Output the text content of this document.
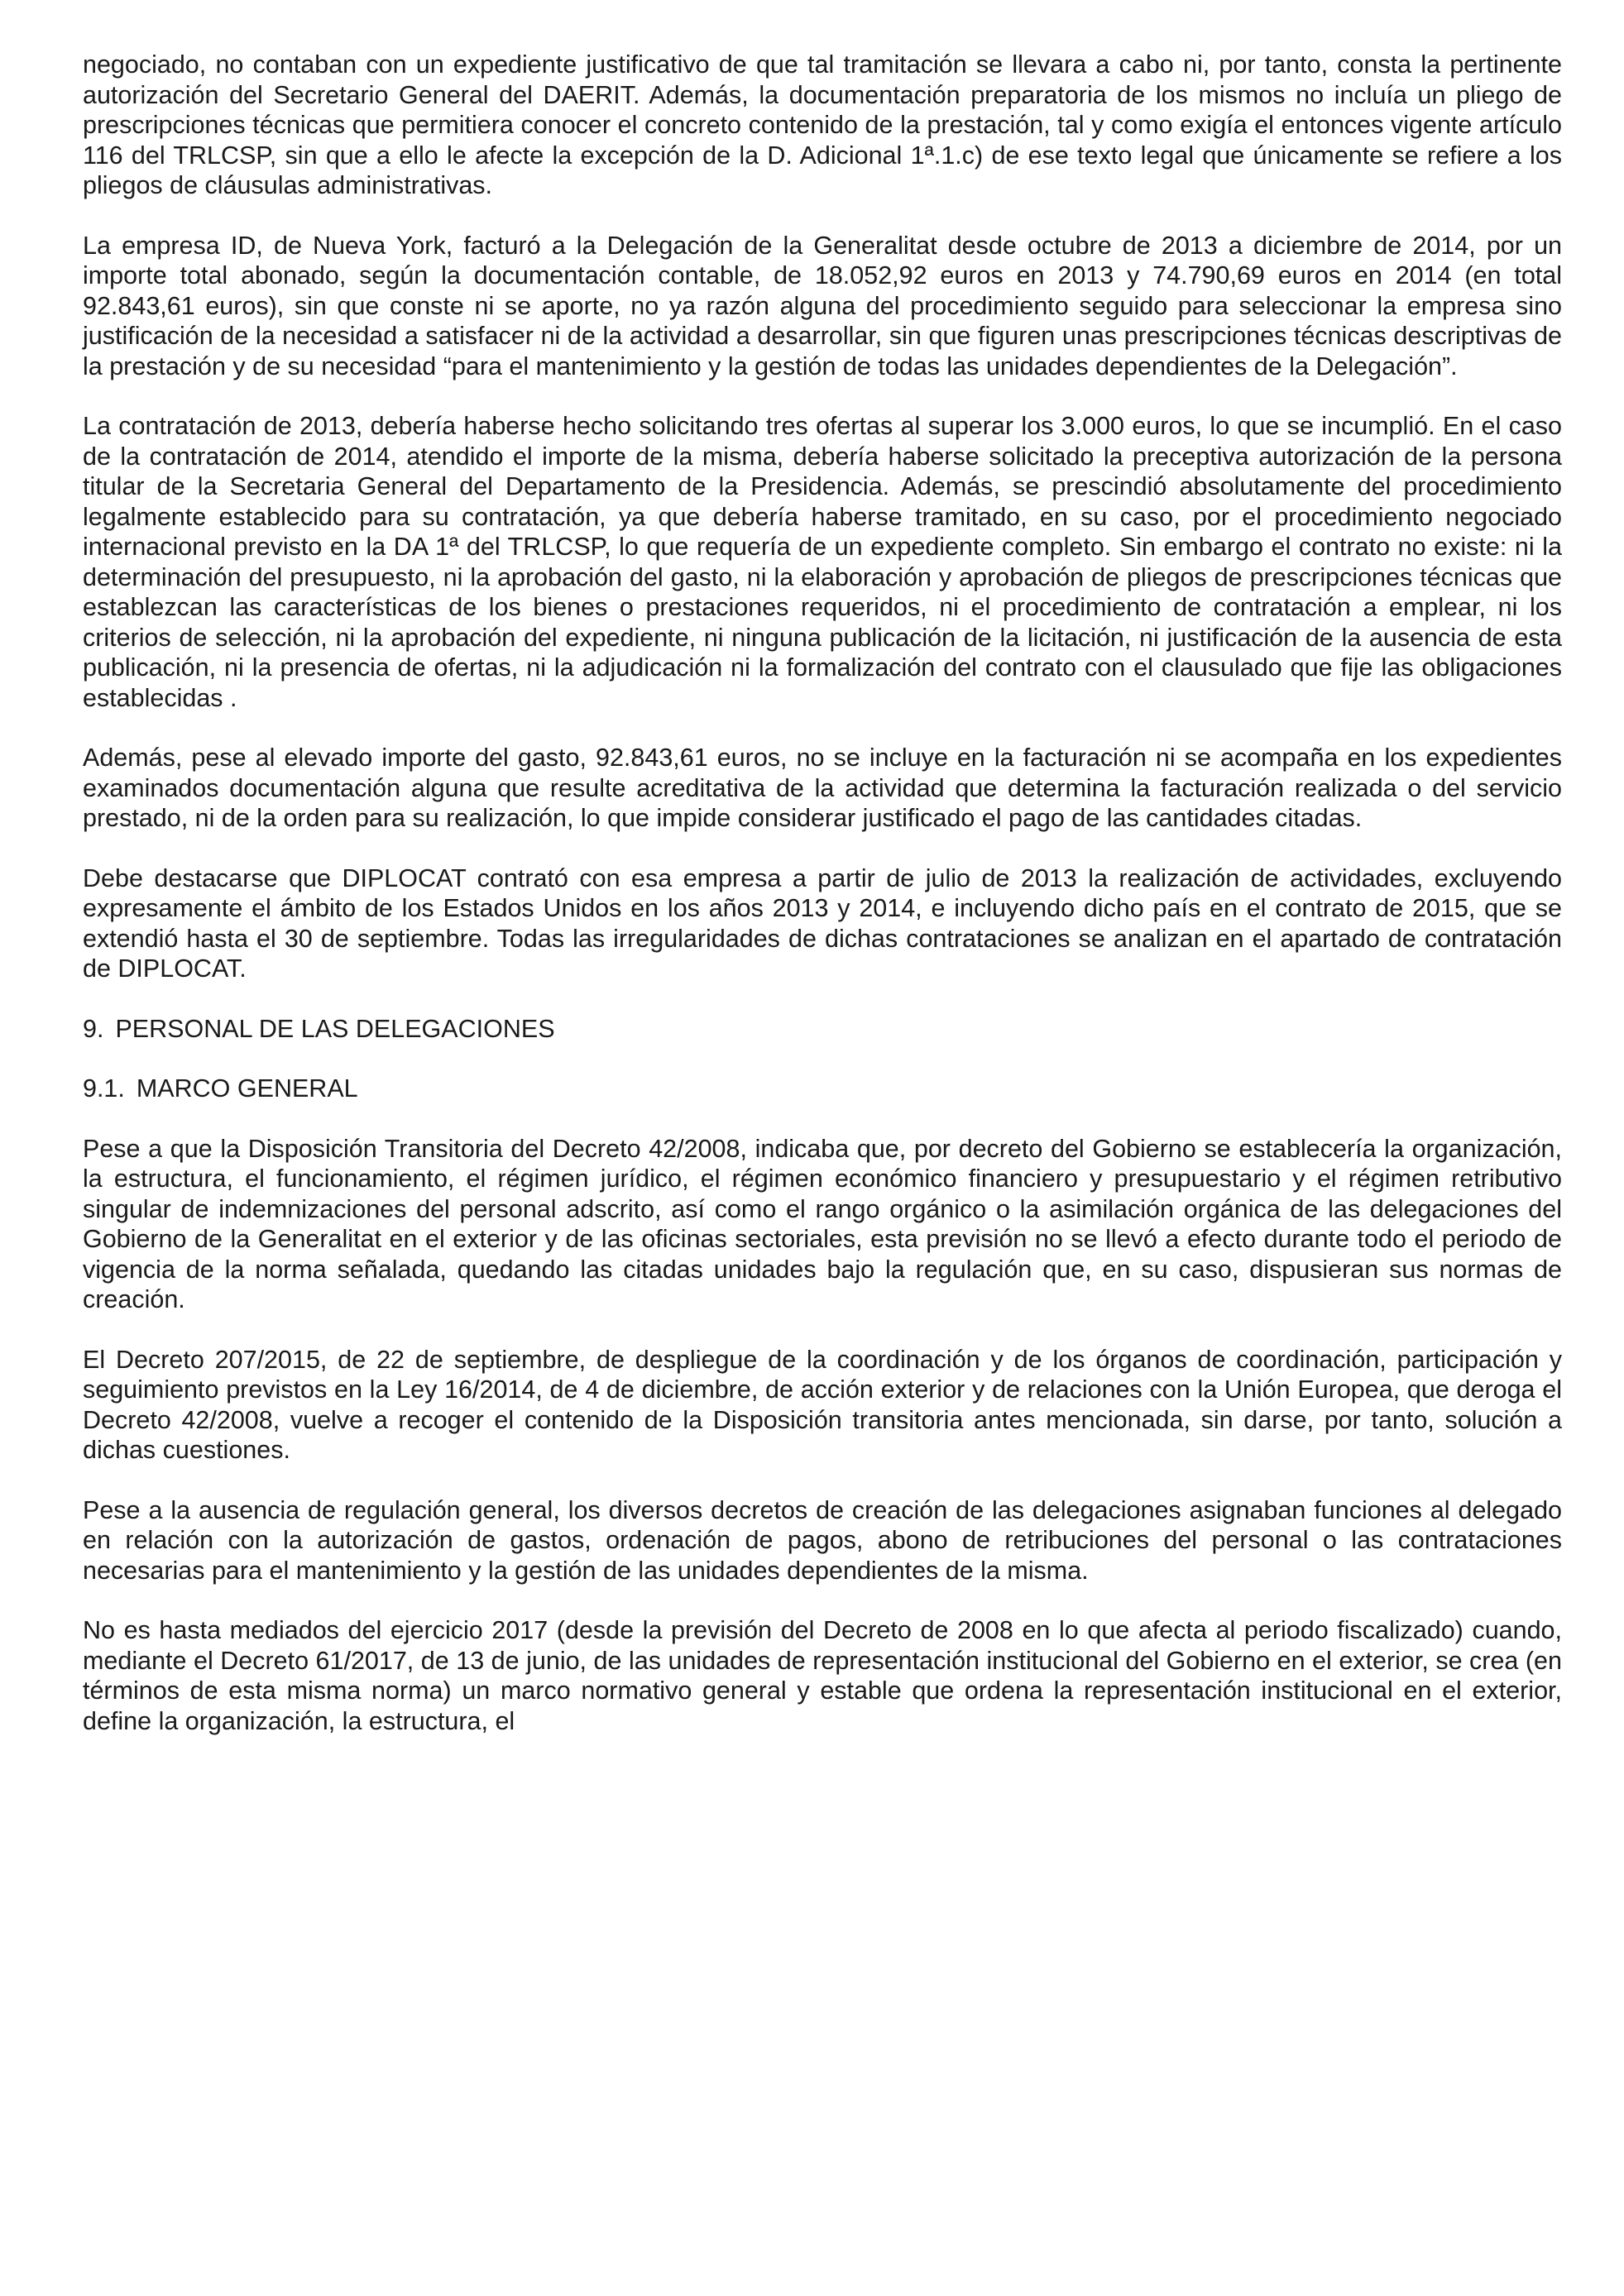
negociado, no contaban con un expediente justificativo de que tal tramitación se llevara a cabo ni, por tanto, consta la pertinente autorización del Secretario General del DAERIT. Además, la documentación preparatoria de los mismos no incluía un pliego de prescripciones técnicas que permitiera conocer el concreto contenido de la prestación, tal y como exigía el entonces vigente artículo 116 del TRLCSP, sin que a ello le afecte la excepción de la D. Adicional 1ª.1.c) de ese texto legal que únicamente se refiere a los pliegos de cláusulas administrativas.

La empresa ID, de Nueva York, facturó a la Delegación de la Generalitat desde octubre de 2013 a diciembre de 2014, por un importe total abonado, según la documentación contable, de 18.052,92 euros en 2013 y 74.790,69 euros en 2014 (en total 92.843,61 euros), sin que conste ni se aporte, no ya razón alguna del procedimiento seguido para seleccionar la empresa sino justificación de la necesidad a satisfacer ni de la actividad a desarrollar, sin que figuren unas prescripciones técnicas descriptivas de la prestación y de su necesidad “para el mantenimiento y la gestión de todas las unidades dependientes de la Delegación”.

La contratación de 2013, debería haberse hecho solicitando tres ofertas al superar los 3.000 euros, lo que se incumplió. En el caso de la contratación de 2014, atendido el importe de la misma, debería haberse solicitado la preceptiva autorización de la persona titular de la Secretaria General del Departamento de la Presidencia. Además, se prescindió absolutamente del procedimiento legalmente establecido para su contratación, ya que debería haberse tramitado, en su caso, por el procedimiento negociado internacional previsto en la DA 1ª del TRLCSP, lo que requería de un expediente completo. Sin embargo el contrato no existe: ni la determinación del presupuesto, ni la aprobación del gasto, ni la elaboración y aprobación de pliegos de prescripciones técnicas que establezcan las características de los bienes o prestaciones requeridos, ni el procedimiento de contratación a emplear, ni los criterios de selección, ni la aprobación del expediente, ni ninguna publicación de la licitación, ni justificación de la ausencia de esta publicación, ni la presencia de ofertas, ni la adjudicación ni la formalización del contrato con el clausulado que fije las obligaciones establecidas .

Además, pese al elevado importe del gasto, 92.843,61 euros, no se incluye en la facturación ni se acompaña en los expedientes examinados documentación alguna que resulte acreditativa de la actividad que determina la facturación realizada o del servicio prestado, ni de la orden para su realización, lo que impide considerar justificado el pago de las cantidades citadas.

Debe destacarse que DIPLOCAT contrató con esa empresa a partir de julio de 2013 la realización de actividades, excluyendo expresamente el ámbito de los Estados Unidos en los años 2013 y 2014, e incluyendo dicho país en el contrato de 2015, que se extendió hasta el 30 de septiembre. Todas las irregularidades de dichas contrataciones se analizan en el apartado de contratación de DIPLOCAT.

9. PERSONAL DE LAS DELEGACIONES
9.1. MARCO GENERAL

Pese a que la Disposición Transitoria del Decreto 42/2008, indicaba que, por decreto del Gobierno se establecería la organización, la estructura, el funcionamiento, el régimen jurídico, el régimen económico financiero y presupuestario y el régimen retributivo singular de indemnizaciones del personal adscrito, así como el rango orgánico o la asimilación orgánica de las delegaciones del Gobierno de la Generalitat en el exterior y de las oficinas sectoriales, esta previsión no se llevó a efecto durante todo el periodo de vigencia de la norma señalada, quedando las citadas unidades bajo la regulación que, en su caso, dispusieran sus normas de creación.

El Decreto 207/2015, de 22 de septiembre, de despliegue de la coordinación y de los órganos de coordinación, participación y seguimiento previstos en la Ley 16/2014, de 4 de diciembre, de acción exterior y de relaciones con la Unión Europea, que deroga el Decreto 42/2008, vuelve a recoger el contenido de la Disposición transitoria antes mencionada, sin darse, por tanto, solución a dichas cuestiones.

Pese a la ausencia de regulación general, los diversos decretos de creación de las delegaciones asignaban funciones al delegado en relación con la autorización de gastos, ordenación de pagos, abono de retribuciones del personal o las contrataciones necesarias para el mantenimiento y la gestión de las unidades dependientes de la misma.

No es hasta mediados del ejercicio 2017 (desde la previsión del Decreto de 2008 en lo que afecta al periodo fiscalizado) cuando, mediante el Decreto 61/2017, de 13 de junio, de las unidades de representación institucional del Gobierno en el exterior, se crea (en términos de esta misma norma) un marco normativo general y estable que ordena la representación institucional en el exterior, define la organización, la estructura, el
